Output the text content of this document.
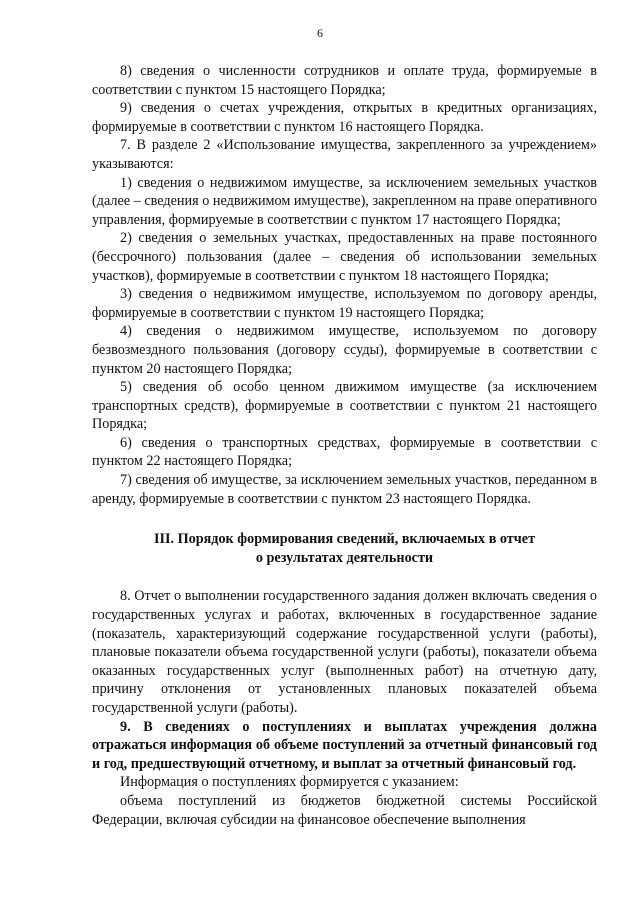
6

8) сведения о численности сотрудников и оплате труда, формируемые в соответствии с пунктом 15 настоящего Порядка;

9) сведения о счетах учреждения, открытых в кредитных организациях, формируемые в соответствии с пунктом 16 настоящего Порядка.

7. В разделе 2 «Использование имущества, закрепленного за учреждением» указываются:

1) сведения о недвижимом имуществе, за исключением земельных участков (далее – сведения о недвижимом имуществе), закрепленном на праве оперативного управления, формируемые в соответствии с пунктом 17 настоящего Порядка;

2) сведения о земельных участках, предоставленных на праве постоянного (бессрочного) пользования (далее – сведения об использовании земельных участков), формируемые в соответствии с пунктом 18 настоящего Порядка;

3) сведения о недвижимом имуществе, используемом по договору аренды, формируемые в соответствии с пунктом 19 настоящего Порядка;

4) сведения о недвижимом имуществе, используемом по договору безвозмездного пользования (договору ссуды), формируемые в соответствии с пунктом 20 настоящего Порядка;

5) сведения об особо ценном движимом имуществе (за исключением транспортных средств), формируемые в соответствии с пунктом 21 настоящего Порядка;

6) сведения о транспортных средствах, формируемые в соответствии с пунктом 22 настоящего Порядка;

7) сведения об имуществе, за исключением земельных участков, переданном в аренду, формируемые в соответствии с пунктом 23 настоящего Порядка.

III. Порядок формирования сведений, включаемых в отчет

о результатах деятельности

8. Отчет о выполнении государственного задания должен включать сведения о государственных услугах и работах, включенных в государственное задание (показатель, характеризующий содержание государственной услуги (работы), плановые показатели объема государственной услуги (работы), показатели объема оказанных государственных услуг (выполненных работ) на отчетную дату, причину отклонения от установленных плановых показателей объема государственной услуги (работы).

9. В сведениях о поступлениях и выплатах учреждения должна отражаться информация об объеме поступлений за отчетный финансовый год и год, предшествующий отчетному, и выплат за отчетный финансовый год.

Информация о поступлениях формируется с указанием:

объема поступлений из бюджетов бюджетной системы Российской Федерации, включая субсидии на финансовое обеспечение выполнения
